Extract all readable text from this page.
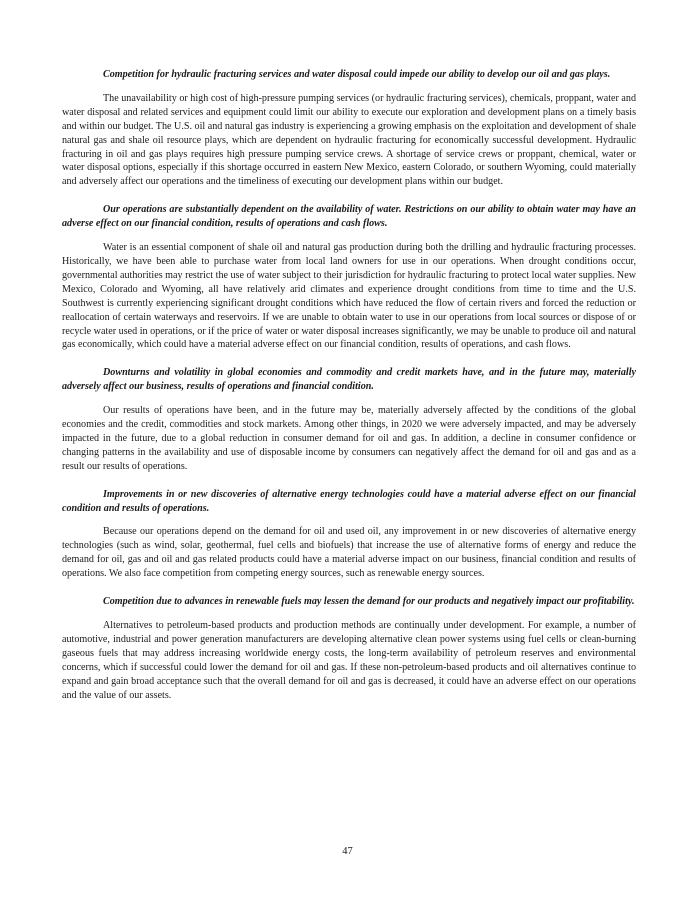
Competition for hydraulic fracturing services and water disposal could impede our ability to develop our oil and gas plays.

The unavailability or high cost of high-pressure pumping services (or hydraulic fracturing services), chemicals, proppant, water and water disposal and related services and equipment could limit our ability to execute our exploration and development plans on a timely basis and within our budget. The U.S. oil and natural gas industry is experiencing a growing emphasis on the exploitation and development of shale natural gas and shale oil resource plays, which are dependent on hydraulic fracturing for economically successful development. Hydraulic fracturing in oil and gas plays requires high pressure pumping service crews. A shortage of service crews or proppant, chemical, water or water disposal options, especially if this shortage occurred in eastern New Mexico, eastern Colorado, or southern Wyoming, could materially and adversely affect our operations and the timeliness of executing our development plans within our budget.

Our operations are substantially dependent on the availability of water. Restrictions on our ability to obtain water may have an adverse effect on our financial condition, results of operations and cash flows.

Water is an essential component of shale oil and natural gas production during both the drilling and hydraulic fracturing processes. Historically, we have been able to purchase water from local land owners for use in our operations. When drought conditions occur, governmental authorities may restrict the use of water subject to their jurisdiction for hydraulic fracturing to protect local water supplies. New Mexico, Colorado and Wyoming, all have relatively arid climates and experience drought conditions from time to time and the U.S. Southwest is currently experiencing significant drought conditions which have reduced the flow of certain rivers and forced the reduction or reallocation of certain waterways and reservoirs. If we are unable to obtain water to use in our operations from local sources or dispose of or recycle water used in operations, or if the price of water or water disposal increases significantly, we may be unable to produce oil and natural gas economically, which could have a material adverse effect on our financial condition, results of operations, and cash flows.

Downturns and volatility in global economies and commodity and credit markets have, and in the future may, materially adversely affect our business, results of operations and financial condition.

Our results of operations have been, and in the future may be, materially adversely affected by the conditions of the global economies and the credit, commodities and stock markets. Among other things, in 2020 we were adversely impacted, and may be adversely impacted in the future, due to a global reduction in consumer demand for oil and gas. In addition, a decline in consumer confidence or changing patterns in the availability and use of disposable income by consumers can negatively affect the demand for oil and gas and as a result our results of operations.

Improvements in or new discoveries of alternative energy technologies could have a material adverse effect on our financial condition and results of operations.

Because our operations depend on the demand for oil and used oil, any improvement in or new discoveries of alternative energy technologies (such as wind, solar, geothermal, fuel cells and biofuels) that increase the use of alternative forms of energy and reduce the demand for oil, gas and oil and gas related products could have a material adverse impact on our business, financial condition and results of operations. We also face competition from competing energy sources, such as renewable energy sources.

Competition due to advances in renewable fuels may lessen the demand for our products and negatively impact our profitability.

Alternatives to petroleum-based products and production methods are continually under development. For example, a number of automotive, industrial and power generation manufacturers are developing alternative clean power systems using fuel cells or clean-burning gaseous fuels that may address increasing worldwide energy costs, the long-term availability of petroleum reserves and environmental concerns, which if successful could lower the demand for oil and gas. If these non-petroleum-based products and oil alternatives continue to expand and gain broad acceptance such that the overall demand for oil and gas is decreased, it could have an adverse effect on our operations and the value of our assets.

47
